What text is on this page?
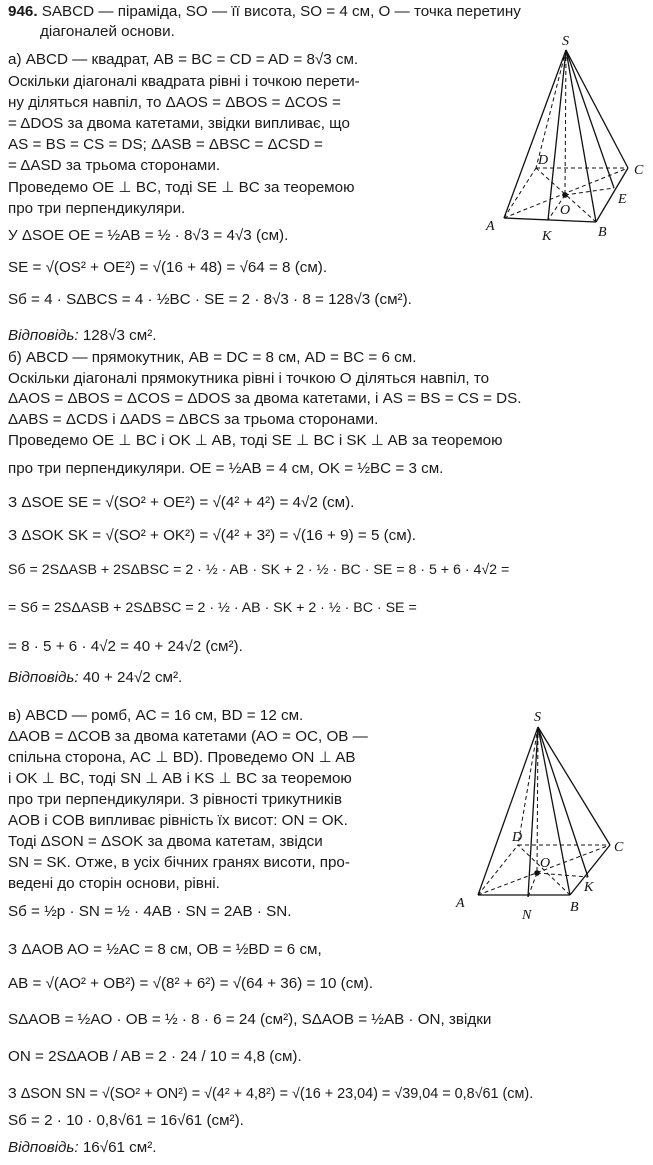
946. SABCD — піраміда, SO — її висота, SO = 4 см, O — точка перетину
діагоналей основи.
а) ABCD — квадрат, AB = BC = CD = AD = 8√3 см.
Оскільки діагоналі квадрата рівні і точкою перети-
ну діляться навпіл, то ΔAOS = ΔBOS = ΔCOS =
= ΔDOS за двома катетами, звідки випливає, що
AS = BS = CS = DS; ΔASB = ΔBSC = ΔCSD =
= ΔASD за трьома сторонами.
Проведемо OE ⊥ BC, тоді SE ⊥ BC за теоремою
про три перпендикуляри.
У ΔSOE OE = ½AB = ½ · 8√3 = 4√3 (см).
SE = √(OS² + OE²) = √(16 + 48) = √64 = 8 (см).
Sб = 4 · SΔBCS = 4 · ½BC · SE = 2 · 8√3 · 8 = 128√3 (см²).
Відповідь: 128√3 см².
S
A	B
C
D
O
E
K
б) ABCD — прямокутник, AB = DC = 8 см, AD = BC = 6 см.
Оскільки діагоналі прямокутника рівні і точкою O діляться навпіл, то
ΔAOS = ΔBOS = ΔCOS = ΔDOS за двома катетами, і AS = BS = CS = DS.
ΔABS = ΔCDS і ΔADS = ΔBCS за трьома сторонами.
Проведемо OE ⊥ BC і OK ⊥ AB, тоді SE ⊥ BC і SK ⊥ AB за теоремою
про три перпендикуляри. OE = ½AB = 4 см, OK = ½BC = 3 см.
З ΔSOE SE = √(SO² + OE²) = √(4² + 4²) = 4√2 (см).
З ΔSOK SK = √(SO² + OK²) = √(4² + 3²) = √(16 + 9) = 5 (см).
Sб = 2SΔASB + 2SΔBSC = 2 · ½ · AB · SK + 2 · ½ · BC · SE = 8 · 5 + 6 · 4√2 =
= Sб = 2SΔASB + 2SΔBSC = 2 · ½ · AB · SK + 2 · ½ · BC · SE =
= 8 · 5 + 6 · 4√2 = 40 + 24√2 (см²).
Відповідь: 40 + 24√2 см².
в) ABCD — ромб, AC = 16 см, BD = 12 см.
ΔAOB = ΔCOB за двома катетами (AO = OC, OB —
спільна сторона, AC ⊥ BD). Проведемо ON ⊥ AB
і OK ⊥ BC, тоді SN ⊥ AB і KS ⊥ BC за теоремою
про три перпендикуляри. З рівності трикутників
AOB і COB випливає рівність їх висот: ON = OK.
Тоді ΔSON = ΔSOK за двома катетам, звідси
SN = SK. Отже, в усіх бічних гранях висоти, про-
ведені до сторін основи, рівні.
Sб = ½p · SN = ½ · 4AB · SN = 2AB · SN.
З ΔAOB AO = ½AC = 8 см, OB = ½BD = 6 см,
AB = √(AO² + OB²) = √(8² + 6²) = √(64 + 36) = 10 (см).
SΔAOB = ½AO · OB = ½ · 8 · 6 = 24 (см²), SΔAOB = ½AB · ON, звідки
ON = 2SΔAOB / AB = 2 · 24 / 10 = 4,8 (см).
З ΔSON SN = √(SO² + ON²) = √(4² + 4,8²) = √(16 + 23,04) = √39,04 = 0,8√61 (см).
Sб = 2 · 10 · 0,8√61 = 16√61 (см²).
Відповідь: 16√61 см².
S
A	B
C
D
O
N
K
